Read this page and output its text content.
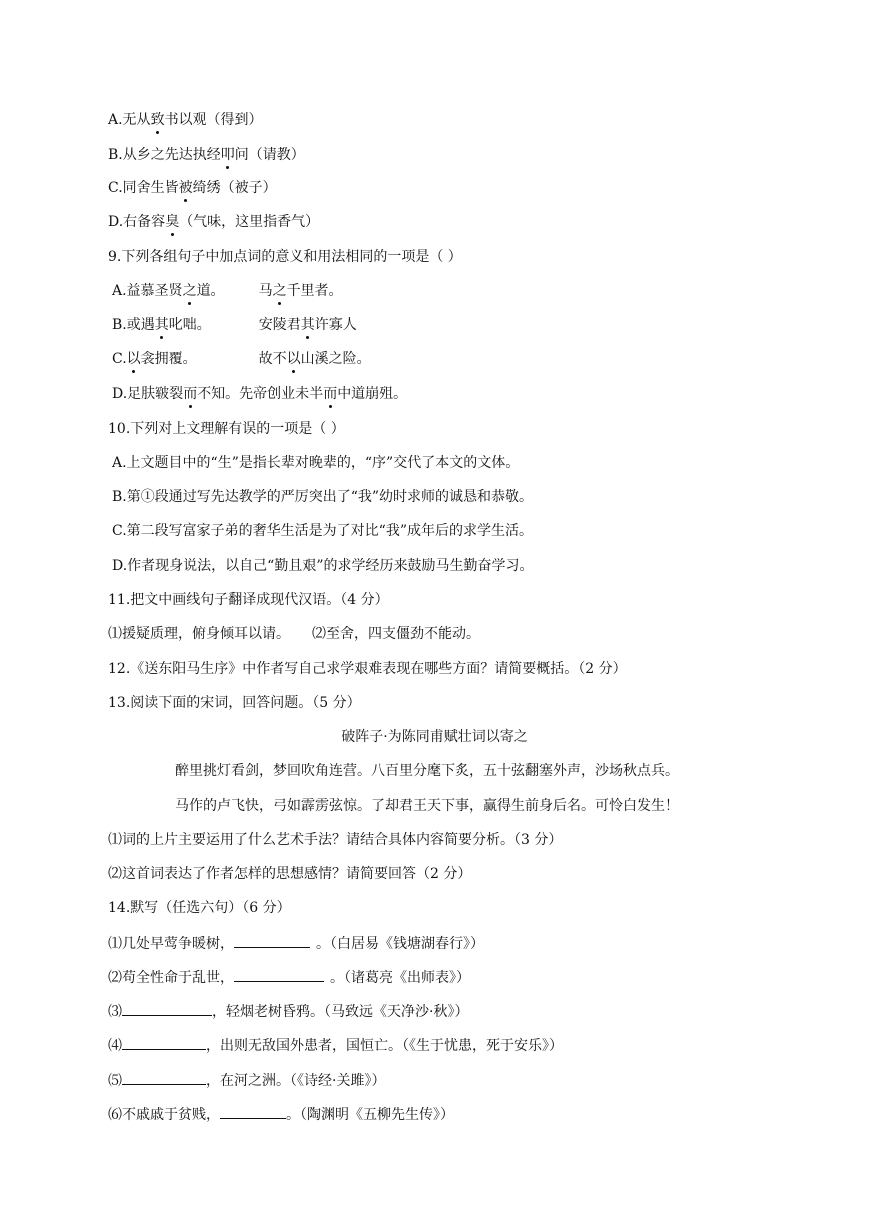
A.无从致书以观（得到）
B.从乡之先达执经叩问（请教）
C.同舍生皆被绮绣（被子）
D.右备容臭（气味，这里指香气）
9.下列各组句子中加点词的意义和用法相同的一项是（ ）
A.益慕圣贤之道。 马之千里者。
B.或遇其叱咄。	安陵君其许寡人
C.以衾拥覆。	故不以山溪之险。
D.足肤皲裂而不知。先帝创业未半而中道崩殂。
10.下列对上文理解有误的一项是（ ）
A.上文题目中的“生”是指长辈对晚辈的，“序”交代了本文的文体。
B.第①段通过写先达教学的严厉突出了“我”幼时求师的诚恳和恭敬。
C.第二段写富家子弟的奢华生活是为了对比“我”成年后的求学生活。
D.作者现身说法，以自己“勤且艰”的求学经历来鼓励马生勤奋学习。
11.把文中画线句子翻译成现代汉语。（4 分）
⑴援疑质理，俯身倾耳以请。 ⑵至舍，四支僵劲不能动。
12.《送东阳马生序》中作者写自己求学艰难表现在哪些方面？请简要概括。（2 分）
13.阅读下面的宋词，回答问题。（5 分）
破阵子·为陈同甫赋壮词以寄之
醉里挑灯看剑，梦回吹角连营。八百里分麾下炙，五十弦翻塞外声，沙场秋点兵。
马作的卢飞快，弓如霹雳弦惊。了却君王天下事，赢得生前身后名。可怜白发生！
⑴词的上片主要运用了什么艺术手法？请结合具体内容简要分析。（3 分）
⑵这首词表达了作者怎样的思想感情？请简要回答（2 分）
14.默写（任选六句）（6 分）
⑴几处早莺争暖树，	。（白居易《钱塘湖春行》）
⑵苟全性命于乱世，	。（诸葛亮《出师表》）
⑶	，轻烟老树昏鸦。（马致远《天净沙·秋》）
⑷	，出则无敌国外患者，国恒亡。（《生于忧患，死于安乐》）
⑸	，在河之洲。（《诗经·关雎》）
⑹不戚戚于贫贱，	。（陶渊明《五柳先生传》）
